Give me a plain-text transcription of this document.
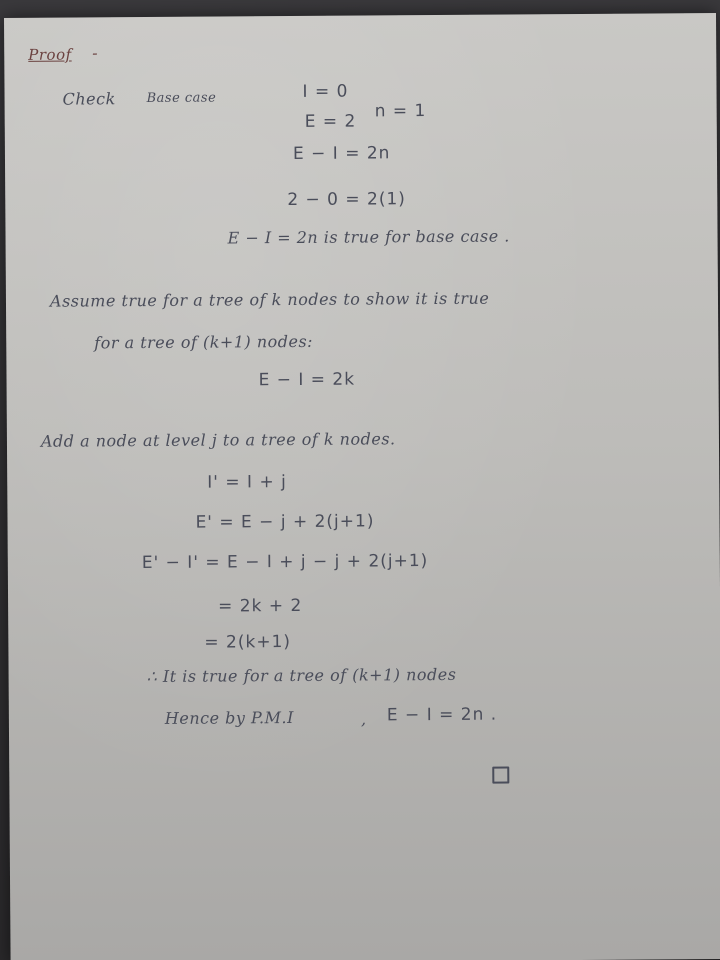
Proof -
Check Base case	I = 0
n = 1
E = 2
E − I = 2n
2 − 0 = 2(1)
E − I = 2n is true for base case .
Assume true for a tree of k nodes to show it is true
for a tree of (k+1) nodes:
E − I = 2k
Add a node at level j to a tree of k nodes.
I' = I + j
E' = E − j + 2(j+1)
E' − I' = E − I + j − j + 2(j+1)
= 2k + 2
= 2(k+1)
∴ It is true for a tree of (k+1) nodes
Hence by P.M.I	, E − I = 2n .
